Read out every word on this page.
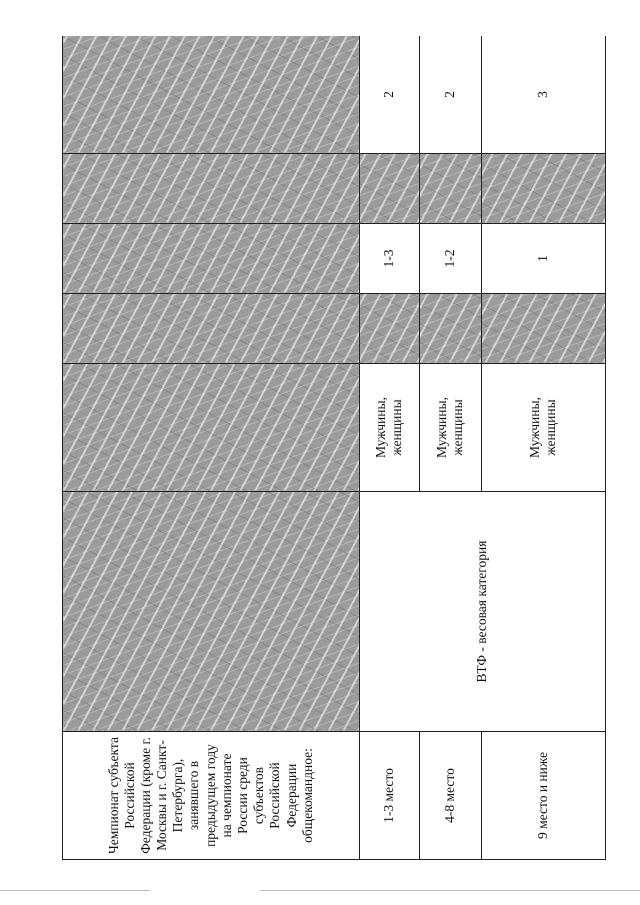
Чемпионат субъекта Российской Федерации (кроме г. Москвы и г. Санкт-Петербурга), занявшего в предыдущем году на чемпионате России среди субъектов Российской Федерации общекомандное:						

1-3 место	ВТФ - весовая категория	Мужчины, женщины		1-3		2
4-8 место		Мужчины, женщины		1-2		2
9 место и ниже		Мужчины, женщины		1		3
